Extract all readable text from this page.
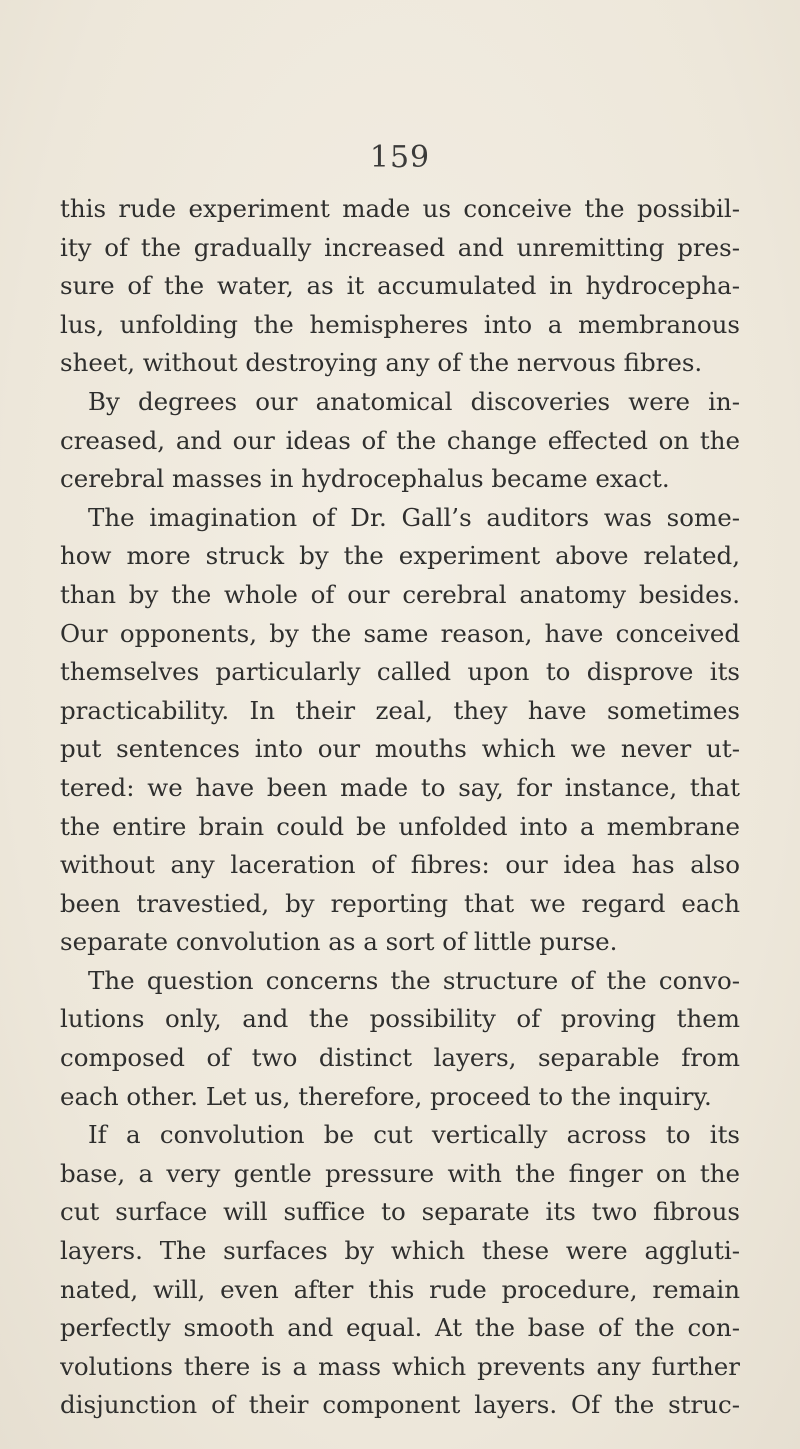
159
this rude experiment made us conceive the possibil-
ity of the gradually increased and unremitting pres-
sure of the water, as it accumulated in hydrocepha-
lus, unfolding the hemispheres into a membranous
sheet, without destroying any of the nervous fibres.
By degrees our anatomical discoveries were in-
creased, and our ideas of the change effected on the
cerebral masses in hydrocephalus became exact.
The imagination of Dr. Gall’s auditors was some-
how more struck by the experiment above related,
than by the whole of our cerebral anatomy besides.
Our opponents, by the same reason, have conceived
themselves particularly called upon to disprove its
practicability. In their zeal, they have sometimes
put sentences into our mouths which we never ut-
tered: we have been made to say, for instance, that
the entire brain could be unfolded into a membrane
without any laceration of fibres: our idea has also
been travestied, by reporting that we regard each
separate convolution as a sort of little purse.
The question concerns the structure of the convo-
lutions only, and the possibility of proving them
composed of two distinct layers, separable from
each other. Let us, therefore, proceed to the inquiry.
If a convolution be cut vertically across to its
base, a very gentle pressure with the finger on the
cut surface will suffice to separate its two fibrous
layers. The surfaces by which these were aggluti-
nated, will, even after this rude procedure, remain
perfectly smooth and equal. At the base of the con-
volutions there is a mass which prevents any further
disjunction of their component layers. Of the struc-
